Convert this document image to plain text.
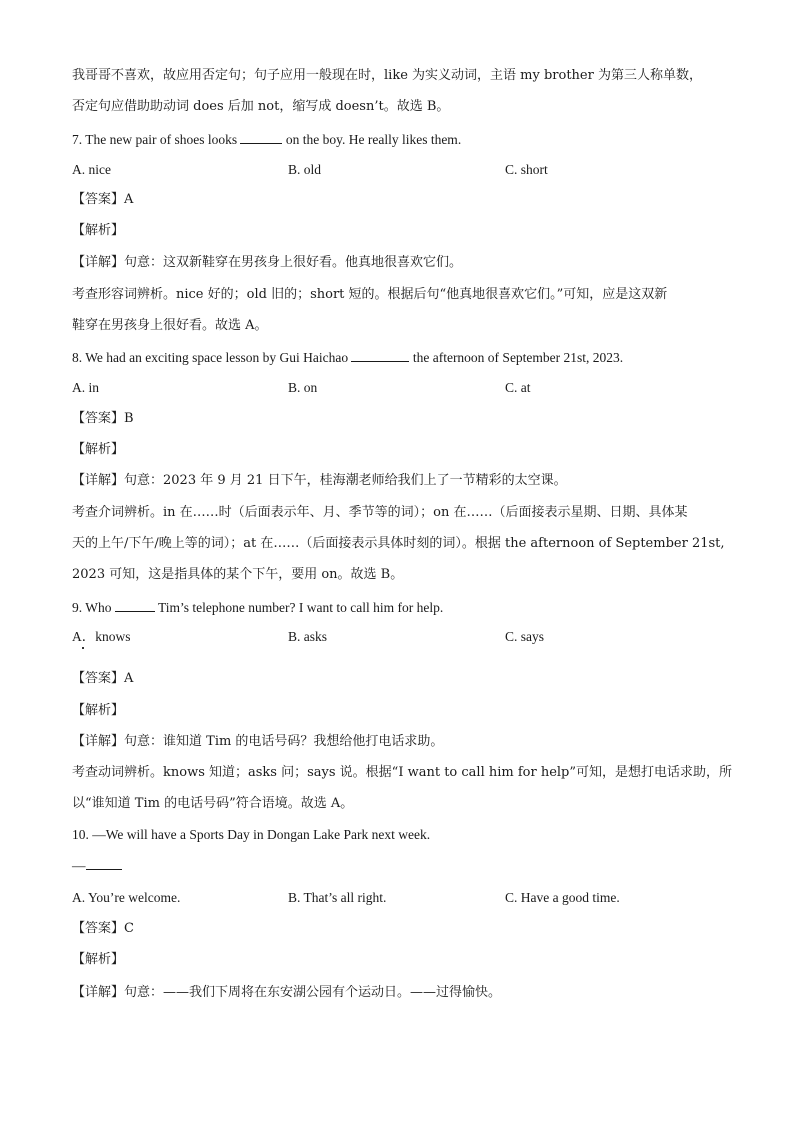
我哥哥不喜欢，故应用否定句；句子应用一般现在时，like 为实义动词，主语 my brother 为第三人称单数，
否定句应借助助动词 does 后加 not，缩写成 doesn’t。故选 B。
7. The new pair of shoes looks	on the boy. He really likes them.
A. nice	B. old	C. short
【答案】A
【解析】
【详解】句意：这双新鞋穿在男孩身上很好看。他真地很喜欢它们。
考查形容词辨析。nice 好的；old 旧的；short 短的。根据后句“他真地很喜欢它们。”可知，应是这双新
鞋穿在男孩身上很好看。故选 A。
8. We had an exciting space lesson by Gui Haichao	the afternoon of September 21st, 2023.
A. in	B. on	C. at
【答案】B
【解析】
【详解】句意：2023 年 9 月 21 日下午，桂海潮老师给我们上了一节精彩的太空课。
考查介词辨析。in 在……时（后面表示年、月、季节等的词）；on 在……（后面接表示星期、日期、具体某
天的上午/下午/晚上等的词）；at 在……（后面接表示具体时刻的词）。根据 the afternoon of September 21st,
2023 可知，这是指具体的某个下午，要用 on。故选 B。
9. Who	Tim’s telephone number? I want to call him for help.
A．knows	B. asks	C. says
【答案】A
【解析】
【详解】句意：谁知道 Tim 的电话号码？我想给他打电话求助。
考查动词辨析。knows 知道；asks 问；says 说。根据“I want to call him for help”可知，是想打电话求助，所
以“谁知道 Tim 的电话号码”符合语境。故选 A。
10. —We will have a Sports Day in Dongan Lake Park next week.
—
A. You’re welcome.	B. That’s all right.	C. Have a good time.
【答案】C
【解析】
【详解】句意：——我们下周将在东安湖公园有个运动日。——过得愉快。
